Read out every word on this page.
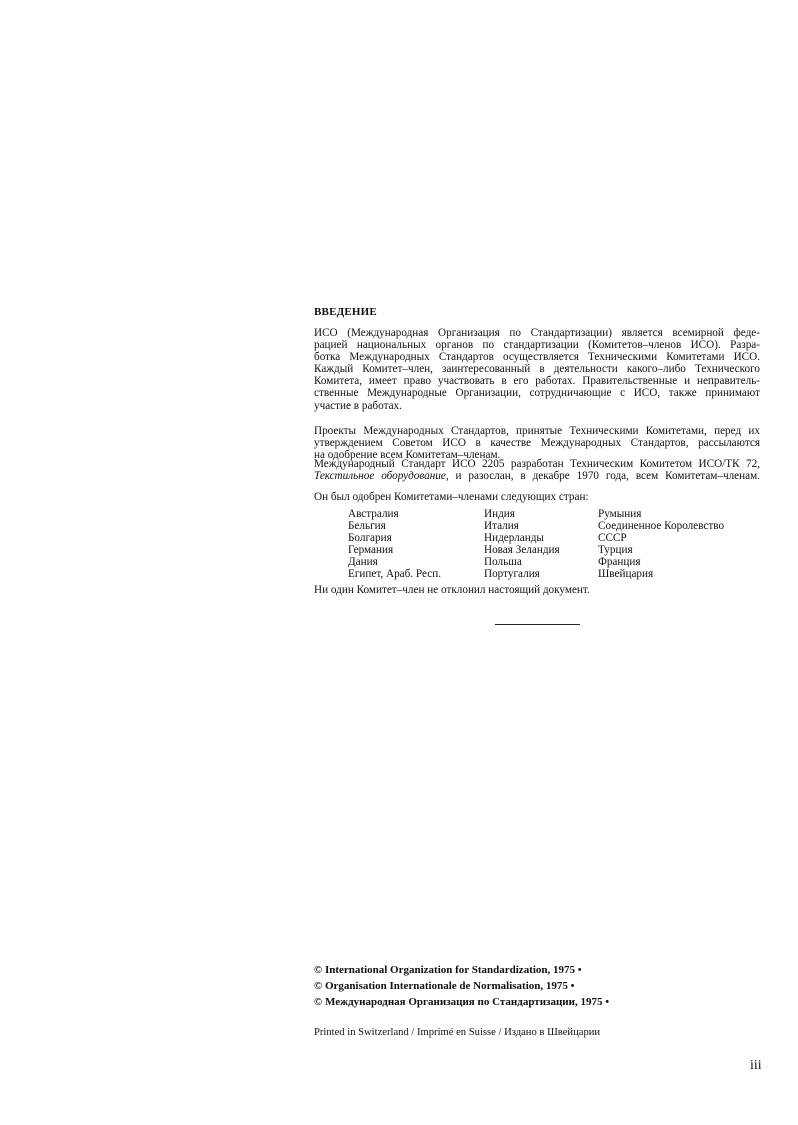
ВВЕДЕНИЕ
ИСО (Международная Организация по Стандартизации) является всемирной феде-
рацией национальных органов по стандартизации (Комитетов–членов ИСО). Разра-
ботка Международных Стандартов осуществляется Техническими Комитетами ИСО.
Каждый Комитет–член, заинтересованный в деятельности какого–либо Технического
Комитета, имеет право участвовать в его работах. Правительственные и неправитель-
ственные Международные Организации, сотрудничающие с ИСО, также принимают
участие в работах.
Проекты Международных Стандартов, принятые Техническими Комитетами, перед их
утверждением Советом ИСО в качестве Международных Стандартов, рассылаются
на одобрение всем Комитетам–членам.
Международный Стандарт ИСО 2205 разработан Техническим Комитетом ИСО/ТК 72,
Текстильное оборудование, и разослан, в декабре 1970 года, всем Комитетам–членам.
Он был одобрен Комитетами–членами следующих стран:
Австралия
Бельгия
Болгария
Германия
Дания
Египет, Араб. Респ.
Индия
Италия
Нидерланды
Новая Зеландия
Польша
Португалия
Румыния
Соединенное Королевство
СССР
Турция
Франция
Швейцария
Ни один Комитет–член не отклонил настоящий документ.
© International Organization for Standardization, 1975 •
© Organisation Internationale de Normalisation, 1975 •
© Международная Организация по Стандартизации, 1975 •
Printed in Switzerland / Imprimé en Suisse / Издано в Швейцарии
iii
